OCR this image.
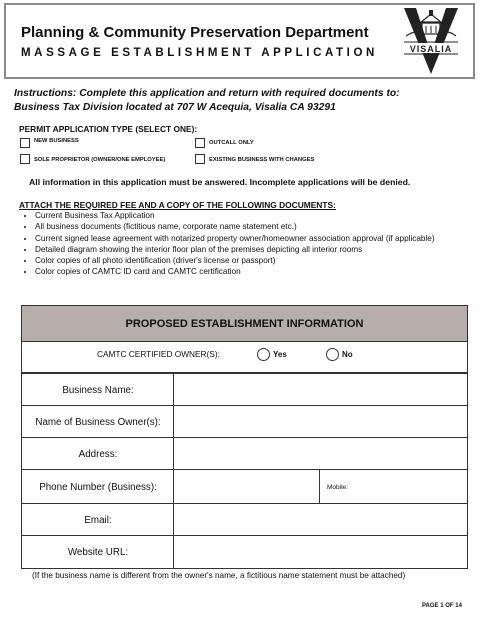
Planning & Community Preservation Department
MASSAGE ESTABLISHMENT APPLICATION	VISALIA
Instructions: Complete this application and return with required documents to:
Business Tax Division located at 707 W Acequia, Visalia CA 93291
PERMIT APPLICATION TYPE (SELECT ONE):
NEW BUSINESS	OUTCALL ONLY
SOLE PROPRIETOR (OWNER/ONE EMPLOYEE)	EXISTING BUSINESS WITH CHANGES
All information in this application must be answered. Incomplete applications will be denied.
ATTACH THE REQUIRED FEE AND A COPY OF THE FOLLOWING DOCUMENTS:
• Current Business Tax Application
• All business documents (fictitious name, corporate name statement etc.)
• Current signed lease agreement with notarized property owner/homeowner association approval (if applicable)
• Detailed diagram showing the interior floor plan of the premises depicting all interior rooms
• Color copies of all photo identification (driver's license or passport)
• Color copies of CAMTC ID card and CAMTC certification
PROPOSED ESTABLISHMENT INFORMATION
CAMTC CERTIFIED OWNER(S):	Yes	No
Business Name:
Name of Business Owner(s):
Address:
Phone Number (Business):	Mobile:
Email:
Website URL:
(If the business name is different from the owner's name, a fictitious name statement must be attached)
PAGE 1 OF 14
